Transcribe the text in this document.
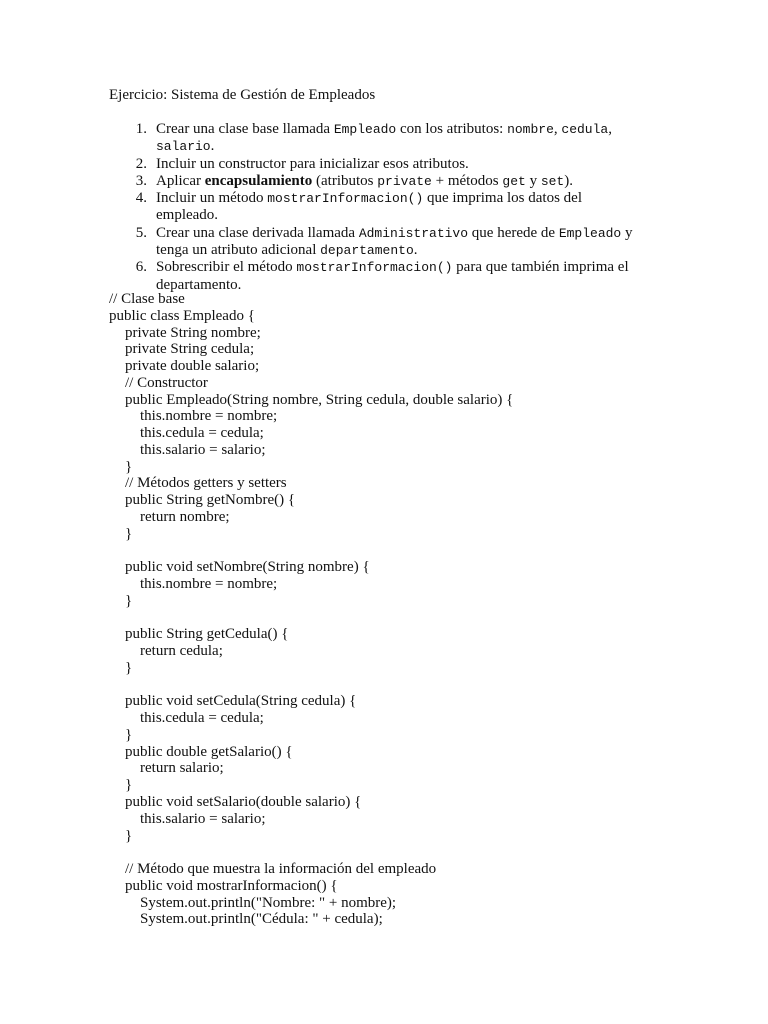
Ejercicio: Sistema de Gestión de Empleados
1. Crear una clase base llamada Empleado con los atributos: nombre, cedula, salario.
2. Incluir un constructor para inicializar esos atributos.
3. Aplicar encapsulamiento (atributos private + métodos get y set).
4. Incluir un método mostrarInformacion() que imprima los datos del empleado.
5. Crear una clase derivada llamada Administrativo que herede de Empleado y tenga un atributo adicional departamento.
6. Sobrescribir el método mostrarInformacion() para que también imprima el departamento.
// Clase base
public class Empleado {
private String nombre;
private String cedula;
private double salario;
// Constructor
public Empleado(String nombre, String cedula, double salario) {
this.nombre = nombre;
this.cedula = cedula;
this.salario = salario;
}
// Métodos getters y setters
public String getNombre() {
return nombre;
}
public void setNombre(String nombre) {
this.nombre = nombre;
}
public String getCedula() {
return cedula;
}
public void setCedula(String cedula) {
this.cedula = cedula;
}
public double getSalario() {
return salario;
}
public void setSalario(double salario) {
this.salario = salario;
}
// Método que muestra la información del empleado
public void mostrarInformacion() {
System.out.println("Nombre: " + nombre);
System.out.println("Cédula: " + cedula);
